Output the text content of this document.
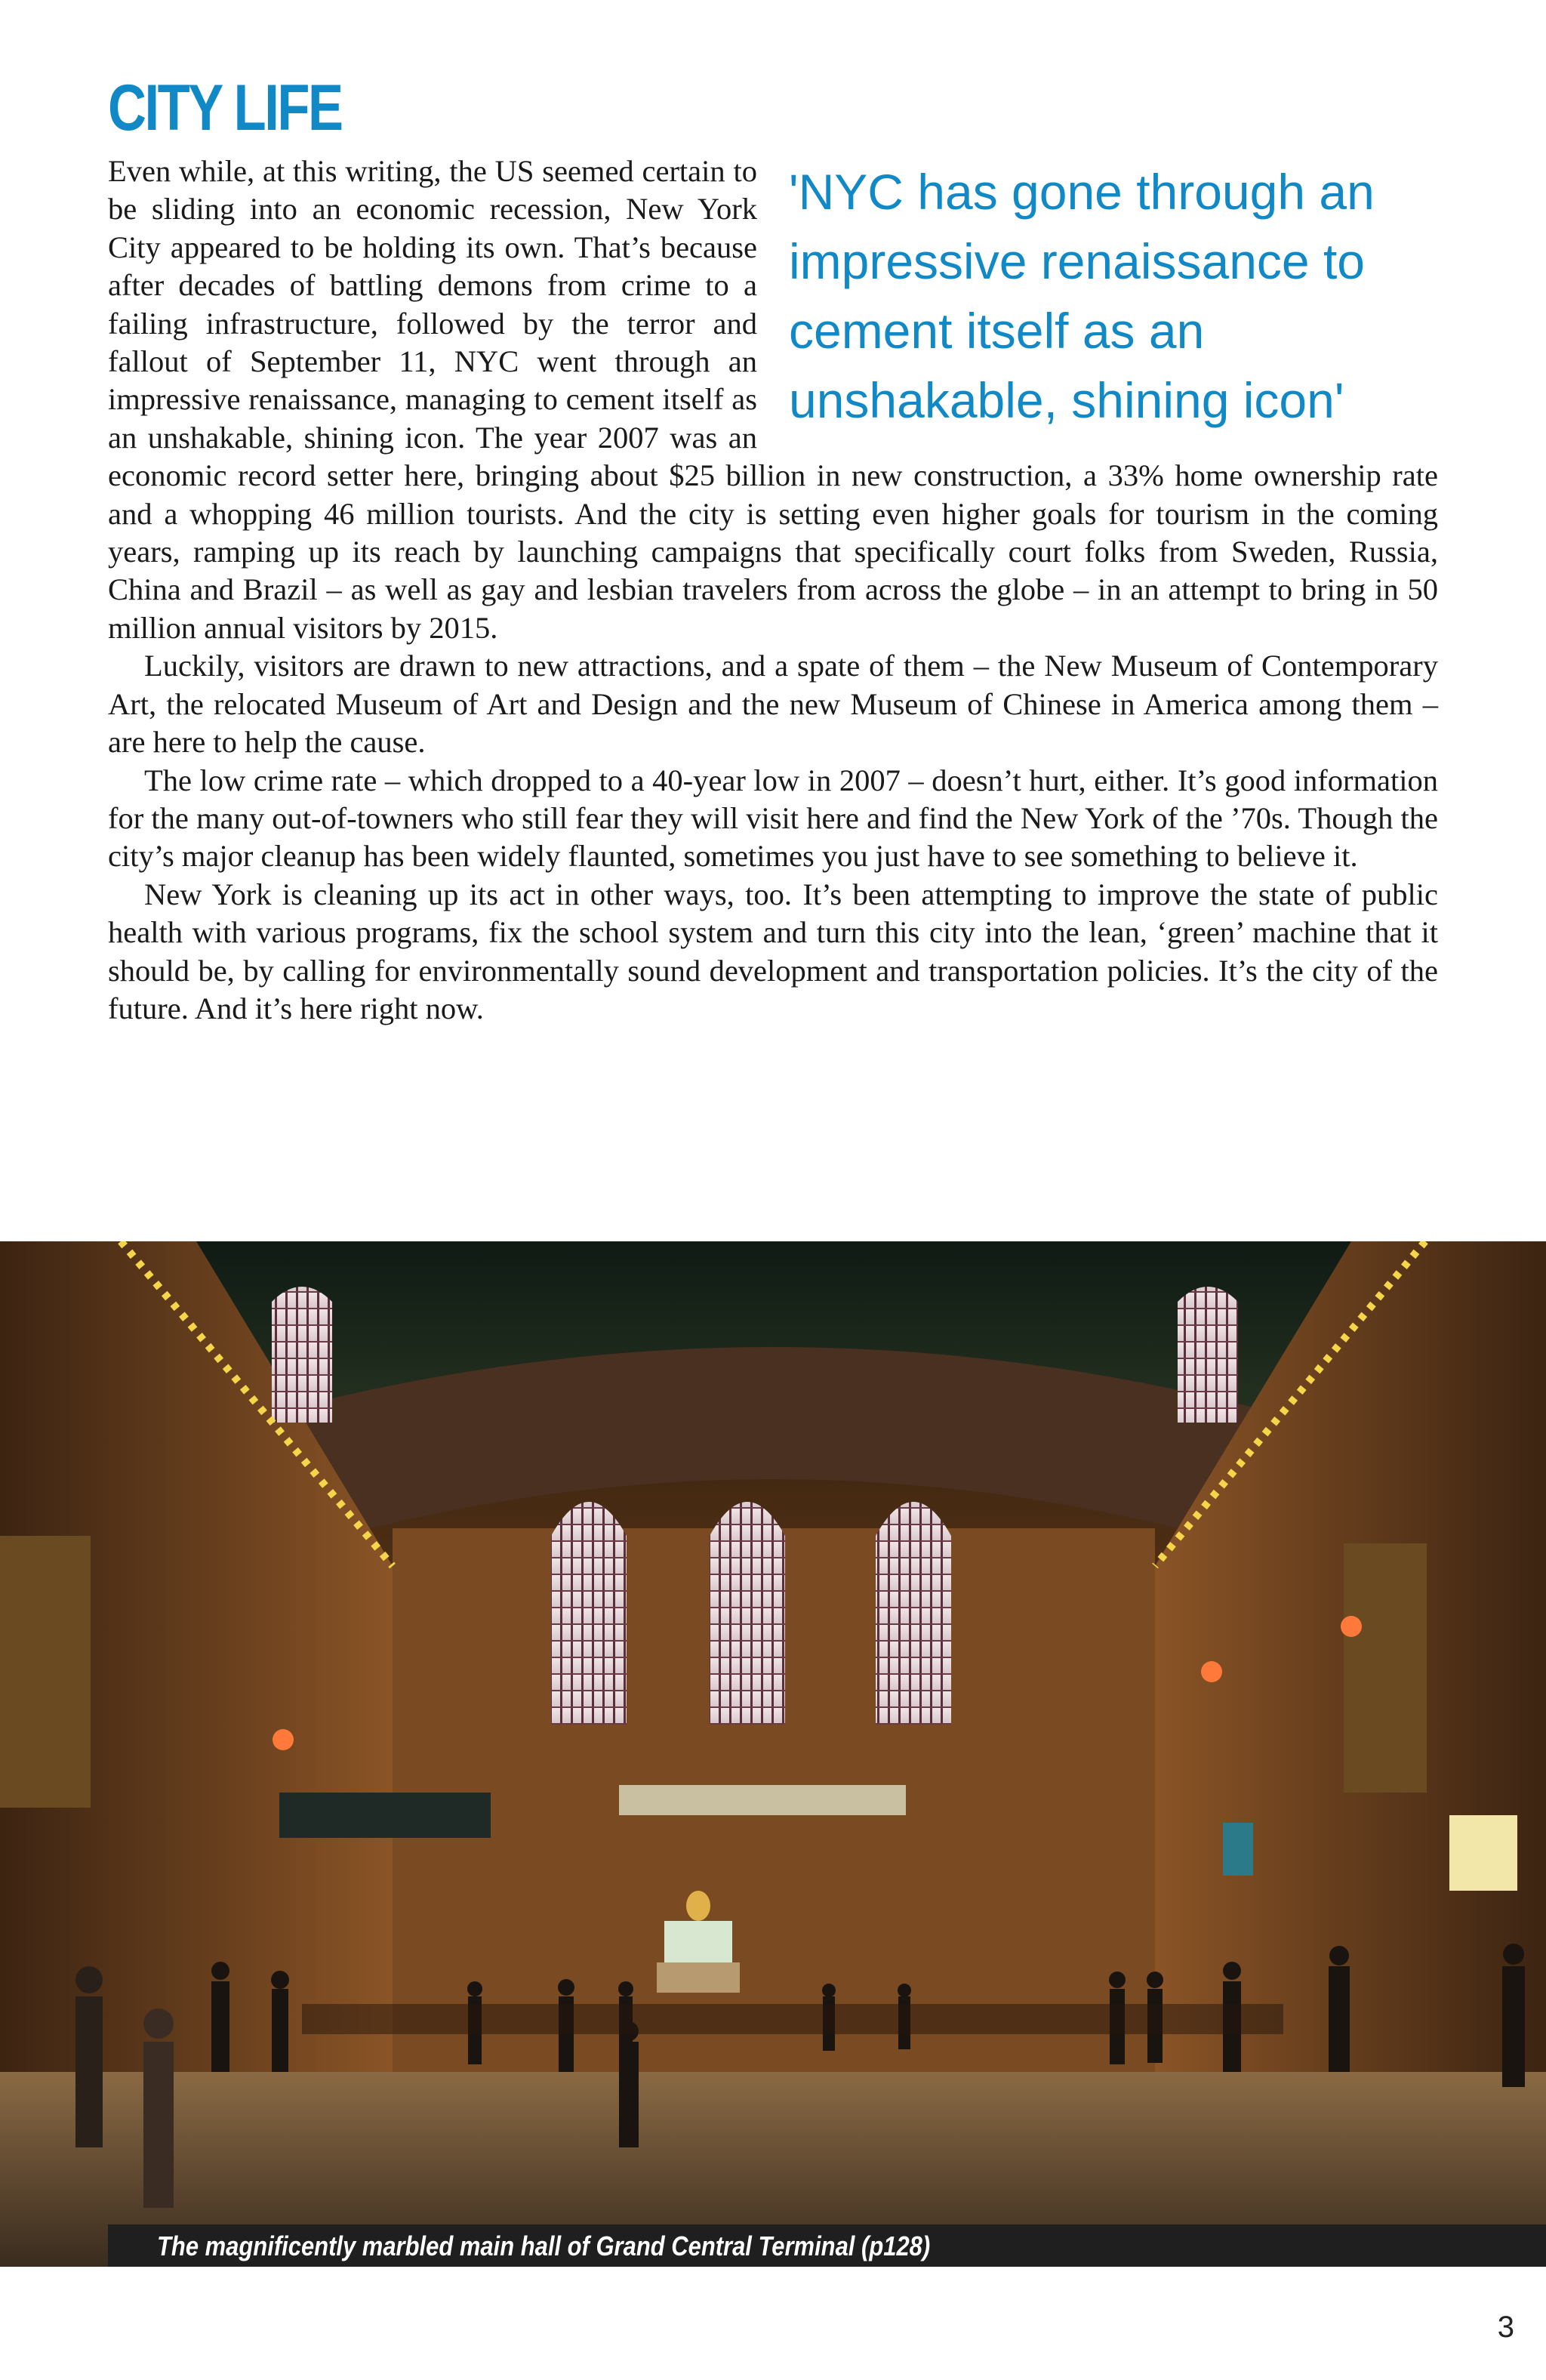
CITY LIFE
'NYC has gone through an impressive renaissance to cement itself as an unshakable, shining icon'

Even while, at this writing, the US seemed certain to be sliding into an economic recession, New York City appeared to be holding its own. That’s because after decades of battling demons from crime to a failing infrastructure, followed by the terror and fallout of September 11, NYC went through an impressive renaissance, managing to cement itself as an unshakable, shining icon. The year 2007 was an economic record setter here, bringing about $25 billion in new construction, a 33% home ownership rate and a whopping 46 million tourists. And the city is setting even higher goals for tourism in the coming years, ramping up its reach by launching campaigns that specifically court folks from Sweden, Russia, China and Brazil – as well as gay and lesbian travelers from across the globe – in an attempt to bring in 50 million annual visitors by 2015.

Luckily, visitors are drawn to new attractions, and a spate of them – the New Museum of Contemporary Art, the relocated Museum of Art and Design and the new Museum of Chinese in America among them – are here to help the cause.

The low crime rate – which dropped to a 40-year low in 2007 – doesn’t hurt, either. It’s good information for the many out-of-towners who still fear they will visit here and find the New York of the ’70s. Though the city’s major cleanup has been widely flaunted, sometimes you just have to see something to believe it.

New York is cleaning up its act in other ways, too. It’s been attempting to improve the state of public health with various programs, fix the school system and turn this city into the lean, ‘green’ machine that it should be, by calling for environmentally sound development and transportation policies. It’s the city of the future. And it’s here right now.

The magnificently marbled main hall of Grand Central Terminal (p128)
3
